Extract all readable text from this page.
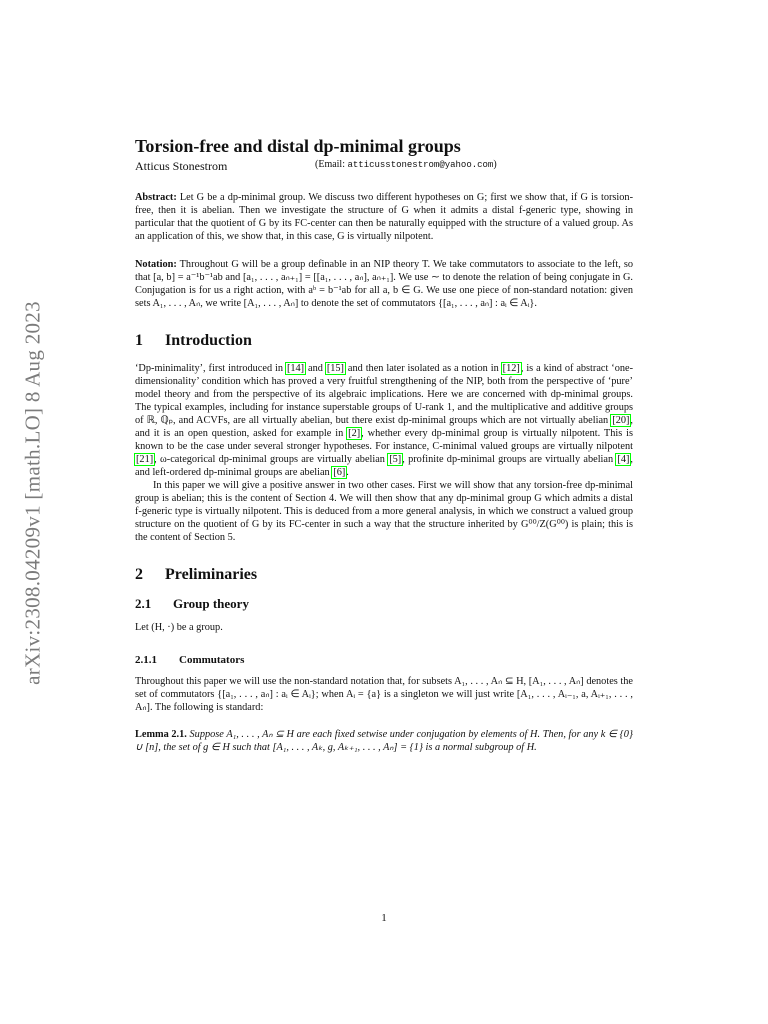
arXiv:2308.04209v1 [math.LO] 8 Aug 2023
Torsion-free and distal dp-minimal groups
Atticus Stonestrom	(Email: atticusstonestrom@yahoo.com)

Abstract: Let G be a dp-minimal group. We discuss two different hypotheses on G; first we show that, if G is torsion-free, then it is abelian. Then we investigate the structure of G when it admits a distal f-generic type, showing in particular that the quotient of G by its FC-center can then be naturally equipped with the structure of a valued group. As an application of this, we show that, in this case, G is virtually nilpotent.

Notation: Throughout G will be a group definable in an NIP theory T. We take commutators to associate to the left, so that [a, b] = a⁻¹b⁻¹ab and [a₁, . . . , aₙ₊₁] = [[a₁, . . . , aₙ], aₙ₊₁]. We use ∼ to denote the relation of being conjugate in G. Conjugation is for us a right action, with aᵇ = b⁻¹ab for all a, b ∈ G. We use one piece of non-standard notation: given sets A₁, . . . , Aₙ, we write [A₁, . . . , Aₙ] to denote the set of commutators {[a₁, . . . , aₙ] : aᵢ ∈ Aᵢ}.

1 Introduction

‘Dp-minimality’, first introduced in [14] and [15] and then later isolated as a notion in [12], is a kind of abstract ‘one-dimensionality’ condition which has proved a very fruitful strengthening of the NIP, both from the perspective of ‘pure’ model theory and from the perspective of its algebraic implications. Here we are concerned with dp-minimal groups. The typical examples, including for instance superstable groups of U-rank 1, and the multiplicative and additive groups of ℝ, ℚₚ, and ACVFs, are all virtually abelian, but there exist dp-minimal groups which are not virtually abelian [20], and it is an open question, asked for example in [2], whether every dp-minimal group is virtually nilpotent. This is known to be the case under several stronger hypotheses. For instance, C-minimal valued groups are virtually nilpotent [21], ω-categorical dp-minimal groups are virtually abelian [5], profinite dp-minimal groups are virtually abelian [4], and left-ordered dp-minimal groups are abelian [6].

In this paper we will give a positive answer in two other cases. First we will show that any torsion-free dp-minimal group is abelian; this is the content of Section 4. We will then show that any dp-minimal group G which admits a distal f-generic type is virtually nilpotent. This is deduced from a more general analysis, in which we construct a valued group structure on the quotient of G by its FC-center in such a way that the structure inherited by G⁰⁰/Z(G⁰⁰) is plain; this is the content of Section 5.

2 Preliminaries
2.1 Group theory

Let (H, ·) be a group.

2.1.1 Commutators

Throughout this paper we will use the non-standard notation that, for subsets A₁, . . . , Aₙ ⊆ H, [A₁, . . . , Aₙ] denotes the set of commutators {[a₁, . . . , aₙ] : aᵢ ∈ Aᵢ}; when Aᵢ = {a} is a singleton we will just write [A₁, . . . , Aᵢ₋₁, a, Aᵢ₊₁, . . . , Aₙ]. The following is standard:

Lemma 2.1. Suppose A₁, . . . , Aₙ ⊆ H are each fixed setwise under conjugation by elements of H. Then, for any k ∈ {0} ∪ [n], the set of g ∈ H such that [A₁, . . . , Aₖ, g, Aₖ₊₁, . . . , Aₙ] = {1} is a normal subgroup of H.

1
